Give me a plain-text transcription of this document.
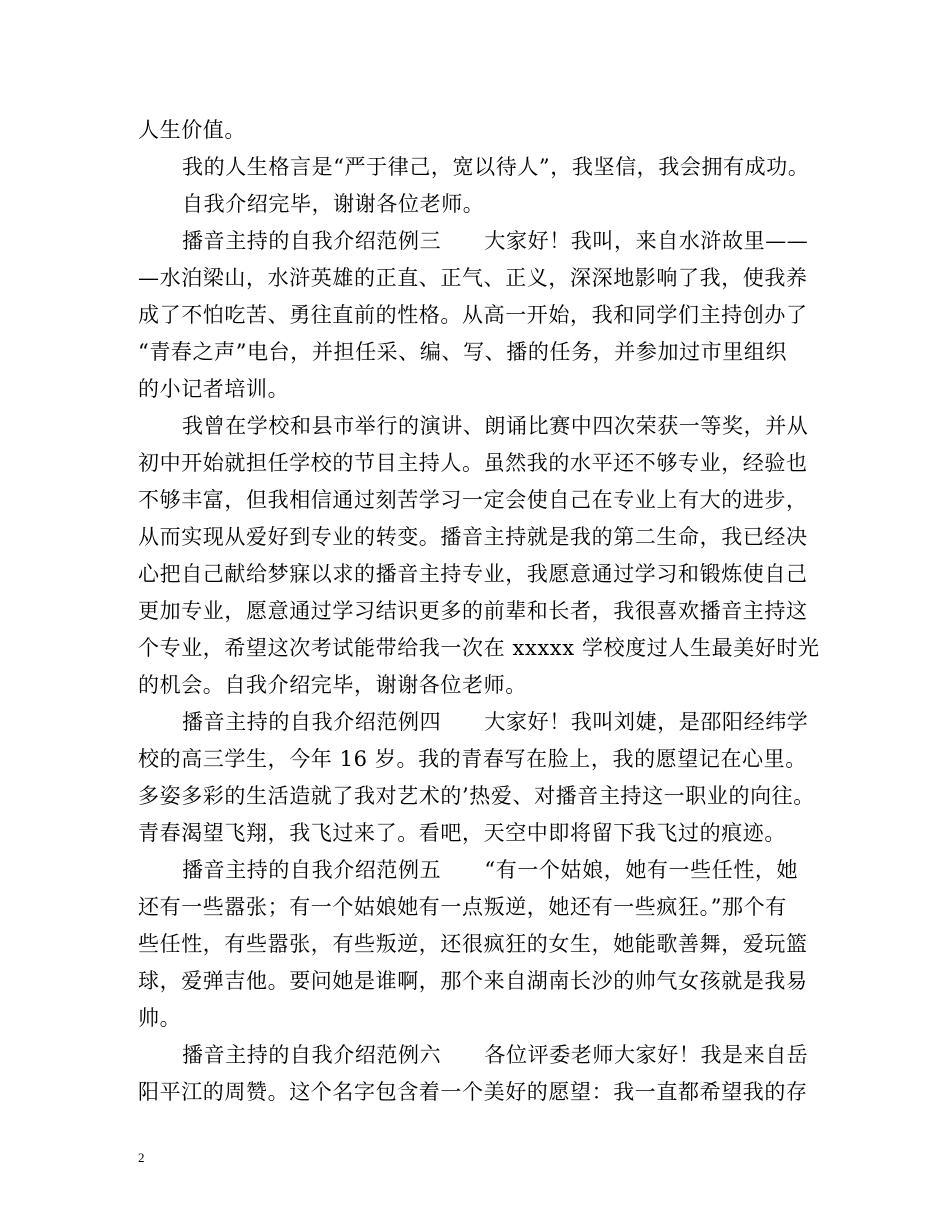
人生价值。
我的人生格言是“严于律己，宽以待人”，我坚信，我会拥有成功。
自我介绍完毕，谢谢各位老师。
播音主持的自我介绍范例三　　大家好！我叫，来自水浒故里——
—水泊梁山，水浒英雄的正直、正气、正义，深深地影响了我，使我养
成了不怕吃苦、勇往直前的性格。从高一开始，我和同学们主持创办了
“青春之声”电台，并担任采、编、写、播的任务，并参加过市里组织
的小记者培训。
我曾在学校和县市举行的演讲、朗诵比赛中四次荣获一等奖，并从
初中开始就担任学校的节目主持人。虽然我的水平还不够专业，经验也
不够丰富，但我相信通过刻苦学习一定会使自己在专业上有大的进步，
从而实现从爱好到专业的转变。播音主持就是我的第二生命，我已经决
心把自己献给梦寐以求的播音主持专业，我愿意通过学习和锻炼使自己
更加专业，愿意通过学习结识更多的前辈和长者，我很喜欢播音主持这
个专业，希望这次考试能带给我一次在 xxxxx 学校度过人生最美好时光
的机会。自我介绍完毕，谢谢各位老师。
播音主持的自我介绍范例四　　大家好！我叫刘婕，是邵阳经纬学
校的高三学生，今年 16 岁。我的青春写在脸上，我的愿望记在心里。
多姿多彩的生活造就了我对艺术的’热爱、对播音主持这一职业的向往。
青春渴望飞翔，我飞过来了。看吧，天空中即将留下我飞过的痕迹。
播音主持的自我介绍范例五　　“有一个姑娘，她有一些任性，她
还有一些嚣张；有一个姑娘她有一点叛逆，她还有一些疯狂。”那个有
些任性，有些嚣张，有些叛逆，还很疯狂的女生，她能歌善舞，爱玩篮
球，爱弹吉他。要问她是谁啊，那个来自湖南长沙的帅气女孩就是我易
帅。
播音主持的自我介绍范例六　　各位评委老师大家好！我是来自岳
阳平江的周赞。这个名字包含着一个美好的愿望：我一直都希望我的存
2
